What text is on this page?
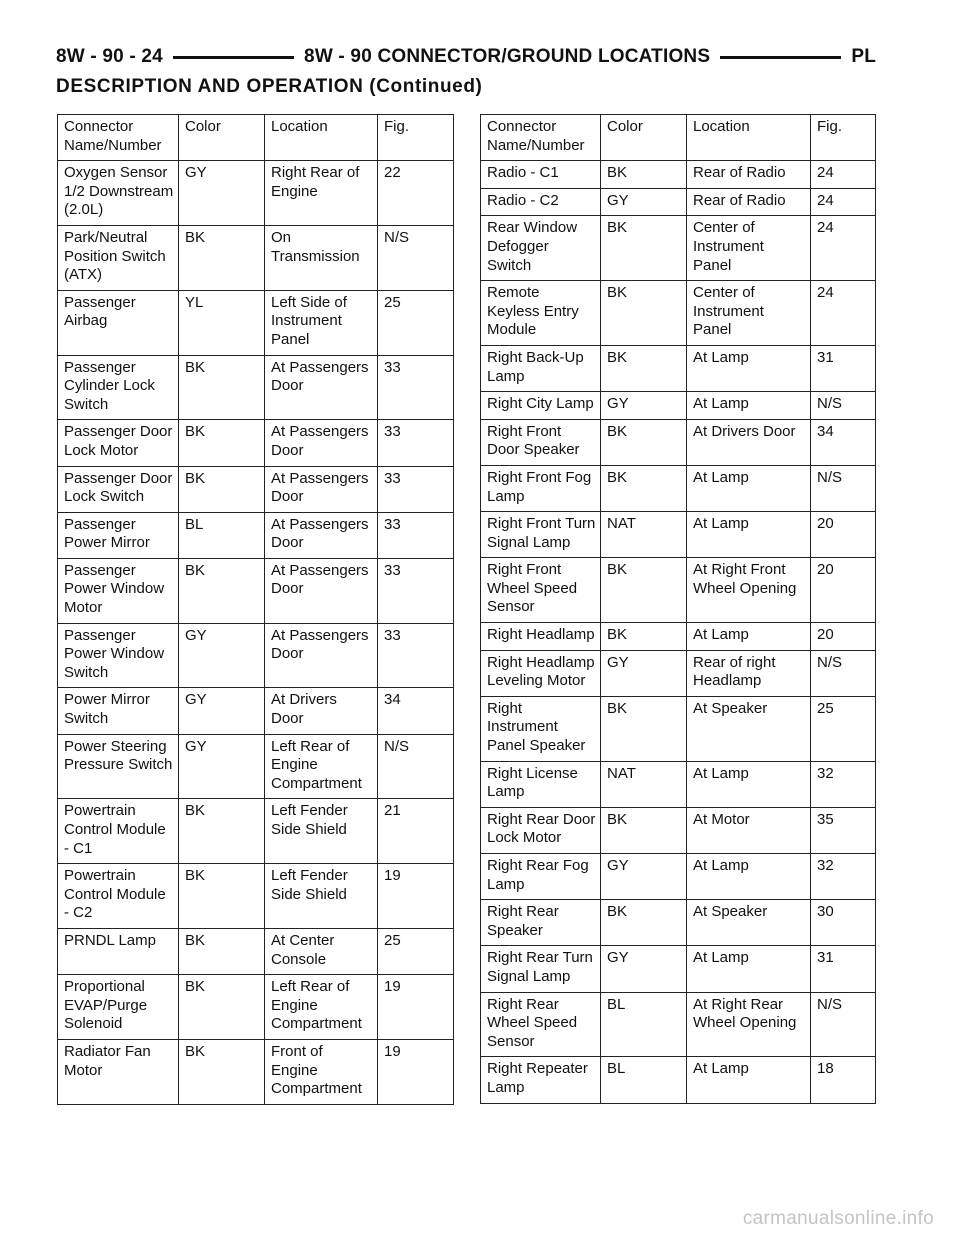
8W - 90 - 24	8W - 90 CONNECTOR/GROUND LOCATIONS	PL
DESCRIPTION AND OPERATION (Continued)
Connector Name/Number	Color	Location	Fig.
Oxygen Sensor 1/2 Downstream (2.0L)	GY	Right Rear of Engine	22
Park/Neutral Position Switch (ATX)	BK	On Transmission	N/S
Passenger Airbag	YL	Left Side of Instrument Panel	25
Passenger Cylinder Lock Switch	BK	At Passengers Door	33
Passenger Door Lock Motor	BK	At Passengers Door	33
Passenger Door Lock Switch	BK	At Passengers Door	33
Passenger Power Mirror	BL	At Passengers Door	33
Passenger Power Window Motor	BK	At Passengers Door	33
Passenger Power Window Switch	GY	At Passengers Door	33
Power Mirror Switch	GY	At Drivers Door	34
Power Steering Pressure Switch	GY	Left Rear of Engine Compartment	N/S
Powertrain Control Module - C1	BK	Left Fender Side Shield	21
Powertrain Control Module - C2	BK	Left Fender Side Shield	19
PRNDL Lamp	BK	At Center Console	25
Proportional EVAP/Purge Solenoid	BK	Left Rear of Engine Compartment	19
Radiator Fan Motor	BK	Front of Engine Compartment	19
Connector Name/Number	Color	Location	Fig.
Radio - C1	BK	Rear of Radio	24
Radio - C2	GY	Rear of Radio	24
Rear Window Defogger Switch	BK	Center of Instrument Panel	24
Remote Keyless Entry Module	BK	Center of Instrument Panel	24
Right Back-Up Lamp	BK	At Lamp	31
Right City Lamp	GY	At Lamp	N/S
Right Front Door Speaker	BK	At Drivers Door	34
Right Front Fog Lamp	BK	At Lamp	N/S
Right Front Turn Signal Lamp	NAT	At Lamp	20
Right Front Wheel Speed Sensor	BK	At Right Front Wheel Opening	20
Right Headlamp	BK	At Lamp	20
Right Headlamp Leveling Motor	GY	Rear of right Headlamp	N/S
Right Instrument Panel Speaker	BK	At Speaker	25
Right License Lamp	NAT	At Lamp	32
Right Rear Door Lock Motor	BK	At Motor	35
Right Rear Fog Lamp	GY	At Lamp	32
Right Rear Speaker	BK	At Speaker	30
Right Rear Turn Signal Lamp	GY	At Lamp	31
Right Rear Wheel Speed Sensor	BL	At Right Rear Wheel Opening	N/S
Right Repeater Lamp	BL	At Lamp	18
carmanualsonline.info
